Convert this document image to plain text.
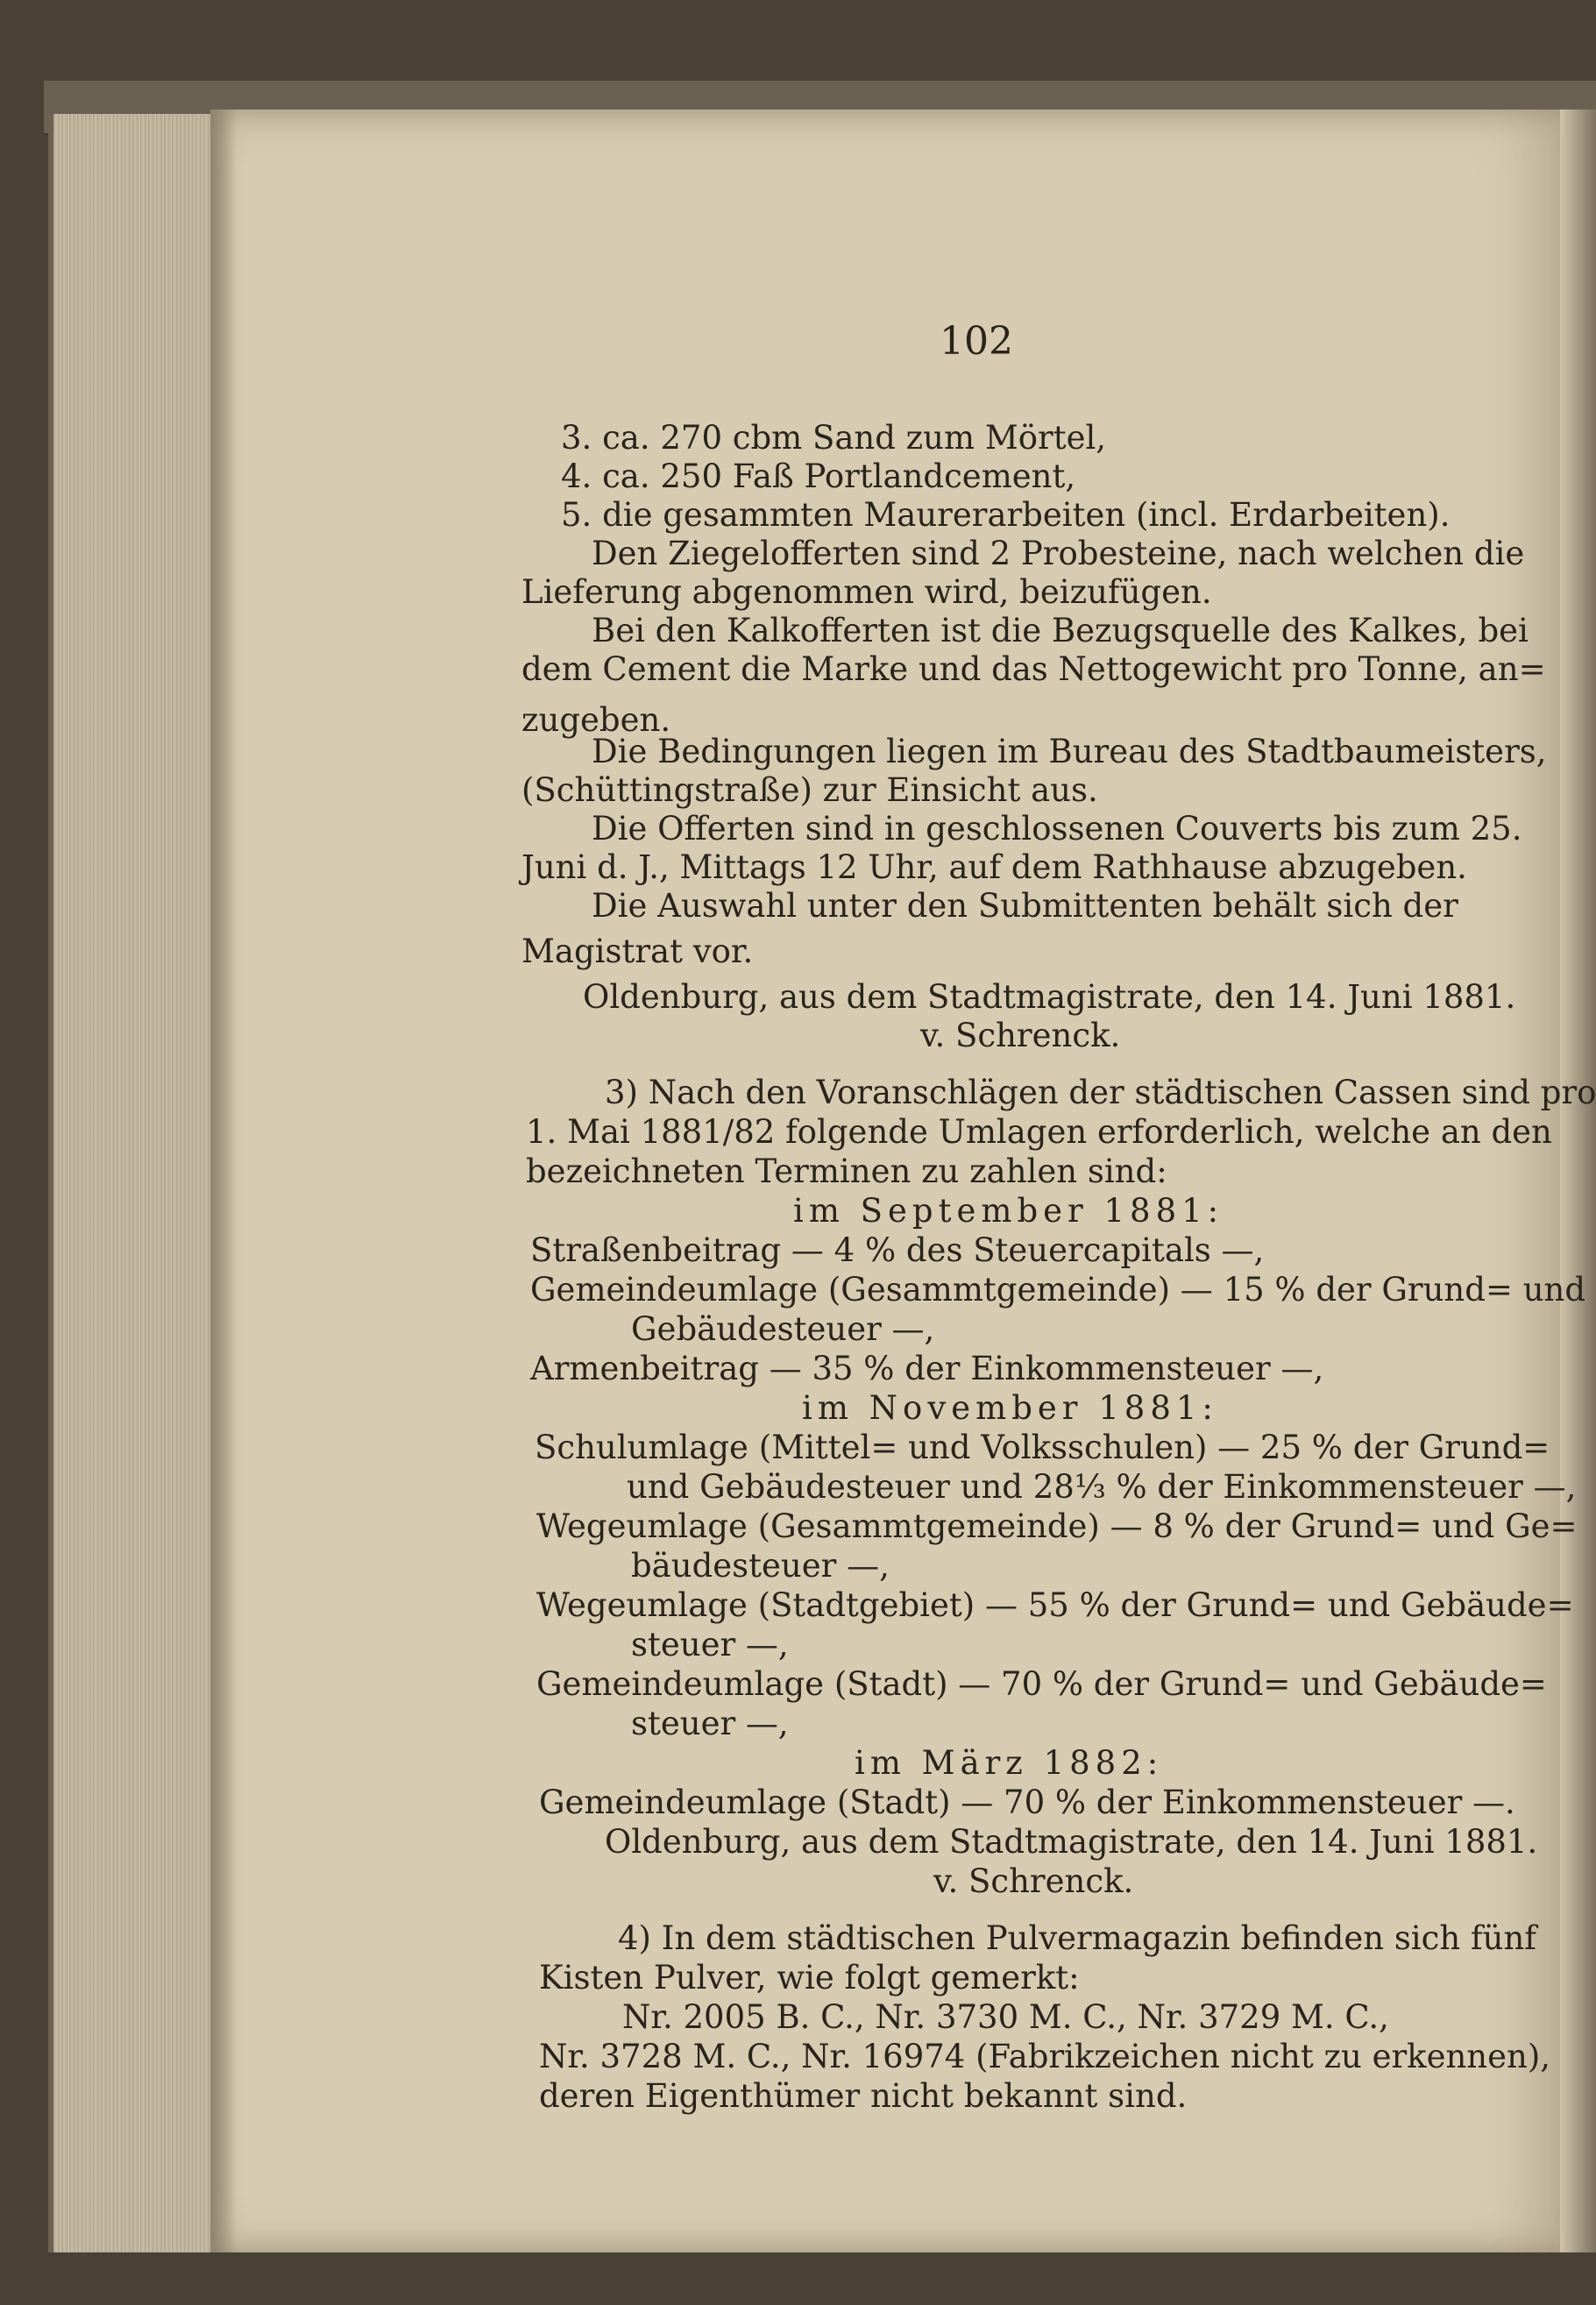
102
3. ca. 270 cbm Sand zum Mörtel,
4. ca. 250 Faß Portlandcement,
5. die gesammten Maurerarbeiten (incl. Erdarbeiten).
Den Ziegelofferten sind 2 Probesteine, nach welchen die
Lieferung abgenommen wird, beizufügen.
Bei den Kalkofferten ist die Bezugsquelle des Kalkes, bei
dem Cement die Marke und das Nettogewicht pro Tonne, an=
zugeben.
Die Bedingungen liegen im Bureau des Stadtbaumeisters,
(Schüttingstraße) zur Einsicht aus.
Die Offerten sind in geschlossenen Couverts bis zum 25.
Juni d. J., Mittags 12 Uhr, auf dem Rathhause abzugeben.
Die Auswahl unter den Submittenten behält sich der
Magistrat vor.
Oldenburg, aus dem Stadtmagistrate, den 14. Juni 1881.
v. Schrenck.
3) Nach den Voranschlägen der städtischen Cassen sind pro
1. Mai 1881/82 folgende Umlagen erforderlich, welche an den
bezeichneten Terminen zu zahlen sind:
im September 1881:
Straßenbeitrag — 4 % des Steuercapitals —,
Gemeindeumlage (Gesammtgemeinde) — 15 % der Grund= und
Gebäudesteuer —,
Armenbeitrag — 35 % der Einkommensteuer —,
im November 1881:
Schulumlage (Mittel= und Volksschulen) — 25 % der Grund=
und Gebäudesteuer und 28⅓ % der Einkommensteuer —,
Wegeumlage (Gesammtgemeinde) — 8 % der Grund= und Ge=
bäudesteuer —,
Wegeumlage (Stadtgebiet) — 55 % der Grund= und Gebäude=
steuer —,
Gemeindeumlage (Stadt) — 70 % der Grund= und Gebäude=
steuer —,
im März 1882:
Gemeindeumlage (Stadt) — 70 % der Einkommensteuer —.
Oldenburg, aus dem Stadtmagistrate, den 14. Juni 1881.
v. Schrenck.
4) In dem städtischen Pulvermagazin befinden sich fünf
Kisten Pulver, wie folgt gemerkt:
Nr. 2005 B. C., Nr. 3730 M. C., Nr. 3729 M. C.,
Nr. 3728 M. C., Nr. 16974 (Fabrikzeichen nicht zu erkennen),
deren Eigenthümer nicht bekannt sind.
